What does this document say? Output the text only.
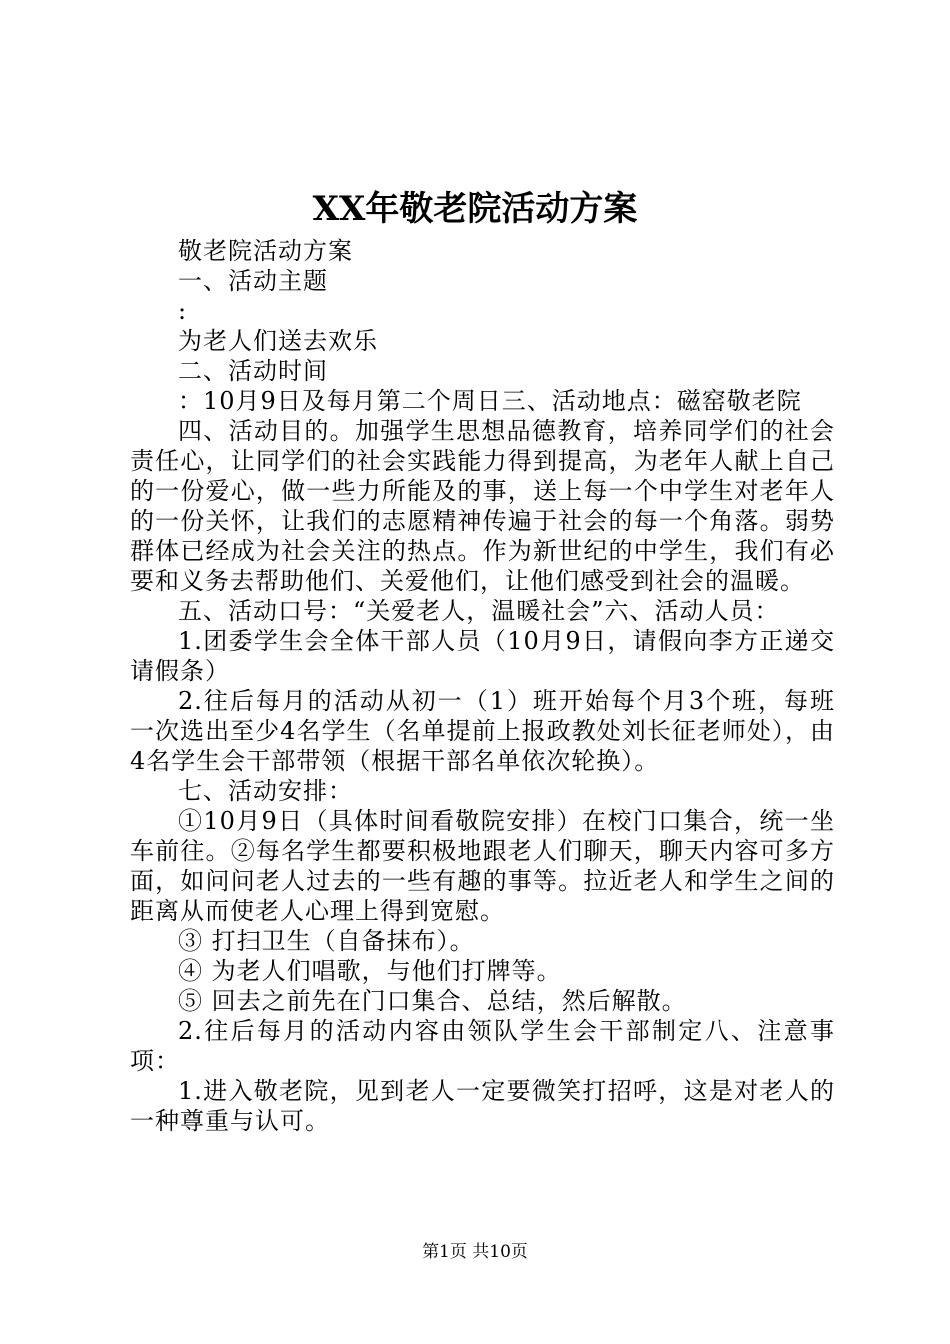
XX年敬老院活动方案

敬老院活动方案

一、活动主题

:

为老人们送去欢乐

二、活动时间

：10月9日及每月第二个周日三、活动地点：磁窑敬老院

四、活动目的。加强学生思想品德教育，培养同学们的社会责任心，让同学们的社会实践能力得到提高，为老年人献上自己的一份爱心，做一些力所能及的事，送上每一个中学生对老年人的一份关怀，让我们的志愿精神传遍于社会的每一个角落。弱势群体已经成为社会关注的热点。作为新世纪的中学生，我们有必要和义务去帮助他们、关爱他们，让他们感受到社会的温暖。

五、活动口号：“关爱老人，温暖社会”六、活动人员：

1.团委学生会全体干部人员（10月9日，请假向李方正递交请假条）

2.往后每月的活动从初一（1）班开始每个月3个班，每班一次选出至少4名学生（名单提前上报政教处刘长征老师处），由4名学生会干部带领（根据干部名单依次轮换）。

七、活动安排：

①10月9日（具体时间看敬院安排）在校门口集合，统一坐车前往。②每名学生都要积极地跟老人们聊天，聊天内容可多方面，如问问老人过去的一些有趣的事等。拉近老人和学生之间的距离从而使老人心理上得到宽慰。

③ 打扫卫生（自备抹布）。

④ 为老人们唱歌，与他们打牌等。

⑤ 回去之前先在门口集合、总结，然后解散。

2.往后每月的活动内容由领队学生会干部制定八、注意事项：

1.进入敬老院，见到老人一定要微笑打招呼，这是对老人的一种尊重与认可。

第1页 共10页
